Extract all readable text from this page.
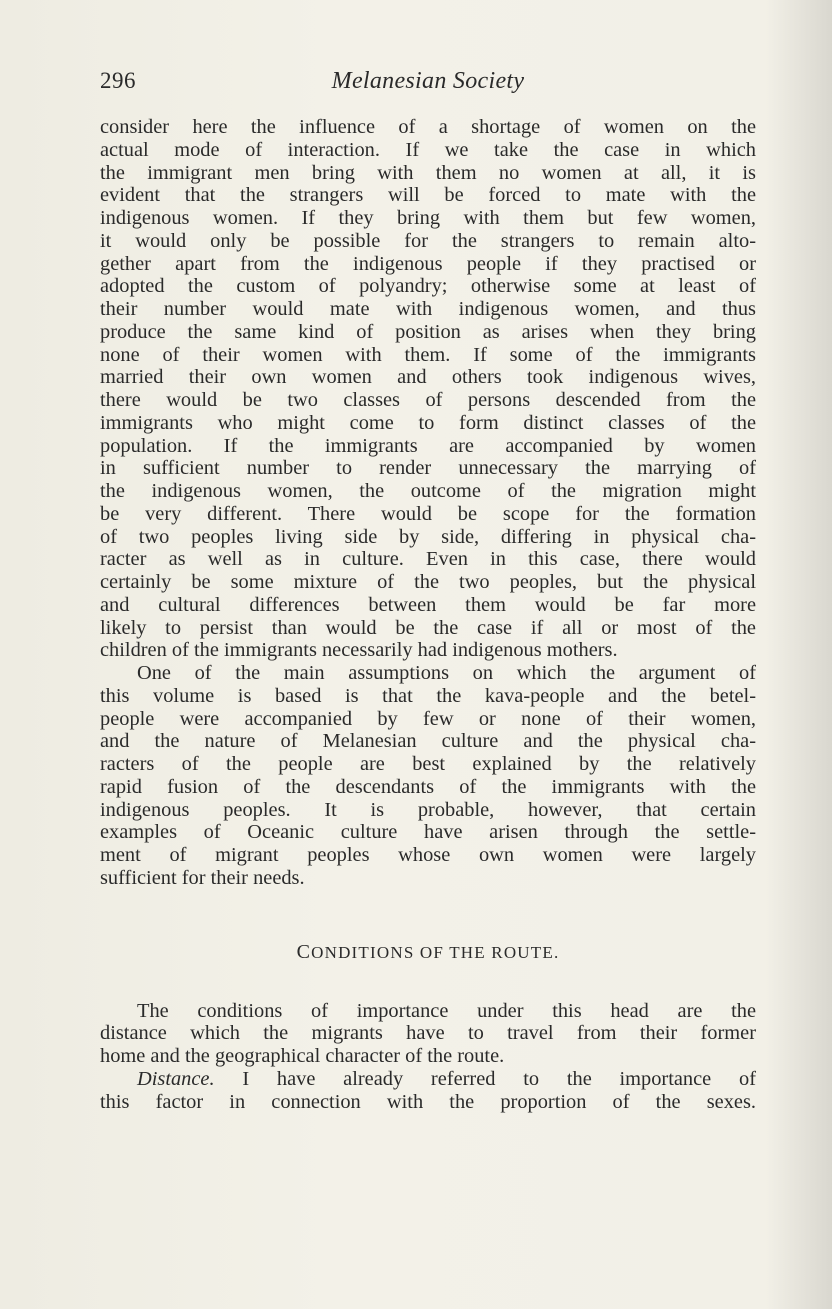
296	Melanesian Society
consider here the influence of a shortage of women on the
actual mode of interaction. If we take the case in which
the immigrant men bring with them no women at all, it is
evident that the strangers will be forced to mate with the
indigenous women. If they bring with them but few women,
it would only be possible for the strangers to remain alto-
gether apart from the indigenous people if they practised or
adopted the custom of polyandry; otherwise some at least of
their number would mate with indigenous women, and thus
produce the same kind of position as arises when they bring
none of their women with them. If some of the immigrants
married their own women and others took indigenous wives,
there would be two classes of persons descended from the
immigrants who might come to form distinct classes of the
population. If the immigrants are accompanied by women
in sufficient number to render unnecessary the marrying of
the indigenous women, the outcome of the migration might
be very different. There would be scope for the formation
of two peoples living side by side, differing in physical cha-
racter as well as in culture. Even in this case, there would
certainly be some mixture of the two peoples, but the physical
and cultural differences between them would be far more
likely to persist than would be the case if all or most of the
children of the immigrants necessarily had indigenous mothers.
One of the main assumptions on which the argument of
this volume is based is that the kava-people and the betel-
people were accompanied by few or none of their women,
and the nature of Melanesian culture and the physical cha-
racters of the people are best explained by the relatively
rapid fusion of the descendants of the immigrants with the
indigenous peoples. It is probable, however, that certain
examples of Oceanic culture have arisen through the settle-
ment of migrant peoples whose own women were largely
sufficient for their needs.
CONDITIONS OF THE ROUTE.
The conditions of importance under this head are the
distance which the migrants have to travel from their former
home and the geographical character of the route.
Distance. I have already referred to the importance of
this factor in connection with the proportion of the sexes.
